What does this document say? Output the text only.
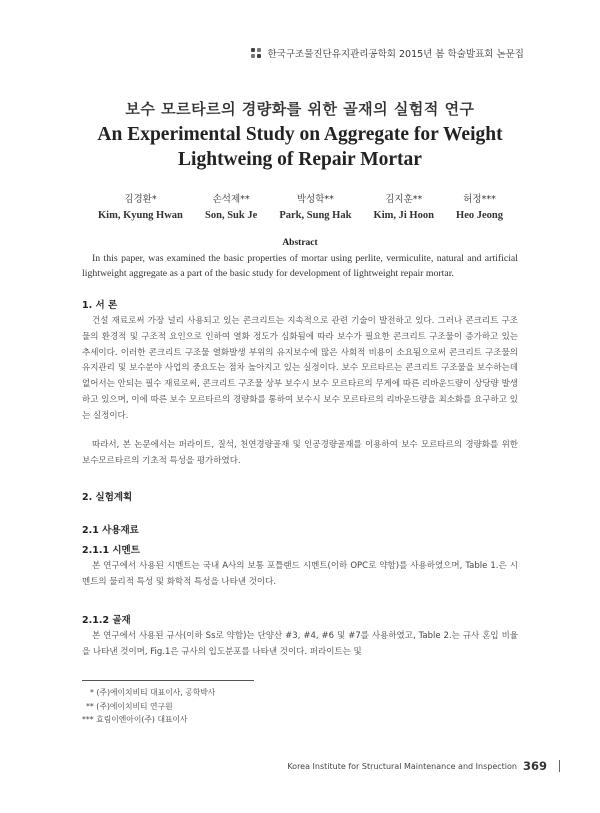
한국구조물진단유지관리공학회 2015년 봄 학술발표회 논문집
보수 모르타르의 경량화를 위한 골재의 실험적 연구
An Experimental Study on Aggregate for Weight
Lightweing of Repair Mortar
김경환*
Kim, Kyung Hwan
손석제**
Son, Suk Je
박성학**
Park, Sung Hak
김지훈**
Kim, Ji Hoon
허정***
Heo Jeong
Abstract
In this paper, was examined the basic properties of mortar using perlite, vermiculite, natural and artificial lightweight aggregate as a part of the basic study for development of lightweight repair mortar.
1. 서 론
건설 재료로써 가장 널리 사용되고 있는 콘크리트는 지속적으로 관련 기술이 발전하고 있다. 그러나 콘크리트 구조물의 환경적 및 구조적 요인으로 인하여 열화 정도가 심화됨에 따라 보수가 필요한 콘크리트 구조물이 증가하고 있는 추세이다. 이러한 콘크리트 구조물 열화발생 부위의 유지보수에 많은 사회적 비용이 소요됨으로써 콘크리트 구조물의 유지관리 및 보수분야 사업의 중요도는 점차 높아지고 있는 실정이다. 보수 모르타르는 콘크리트 구조물을 보수하는데 없어서는 안되는 필수 재료로써, 콘크리트 구조물 상부 보수시 보수 모르타르의 무게에 따른 리바운드량이 상당량 발생하고 있으며, 이에 따른 보수 모르타르의 경량화를 통하여 보수시 보수 모르타르의 리바운드량을 최소화를 요구하고 있는 실정이다.
따라서, 본 논문에서는 퍼라이트, 질석, 천연경량골재 및 인공경량골재를 이용하여 보수 모르타르의 경량화를 위한 보수모르타르의 기초적 특성을 평가하였다.
2. 실험계획
2.1 사용재료
2.1.1 시멘트
본 연구에서 사용된 시멘트는 국내 A사의 보통 포틀랜드 시멘트(이하 OPC로 약함)를 사용하였으며, Table 1.은 시멘트의 물리적 특성 및 화학적 특성을 나타낸 것이다.
2.1.2 골재
본 연구에서 사용된 규사(이하 Ss로 약함)는 단양산 #3, #4, #6 및 #7를 사용하였고, Table 2.는 규사 혼입 비율을 나타낸 것이며, Fig.1은 규사의 입도분포를 나타낸 것이다. 퍼라이트는 및
* (주)에이치비티 대표이사, 공학박사
** (주)에이치비티 연구원
*** 효림이엔아이(주) 대표이사
Korea Institute for Structural Maintenance and Inspection 369
